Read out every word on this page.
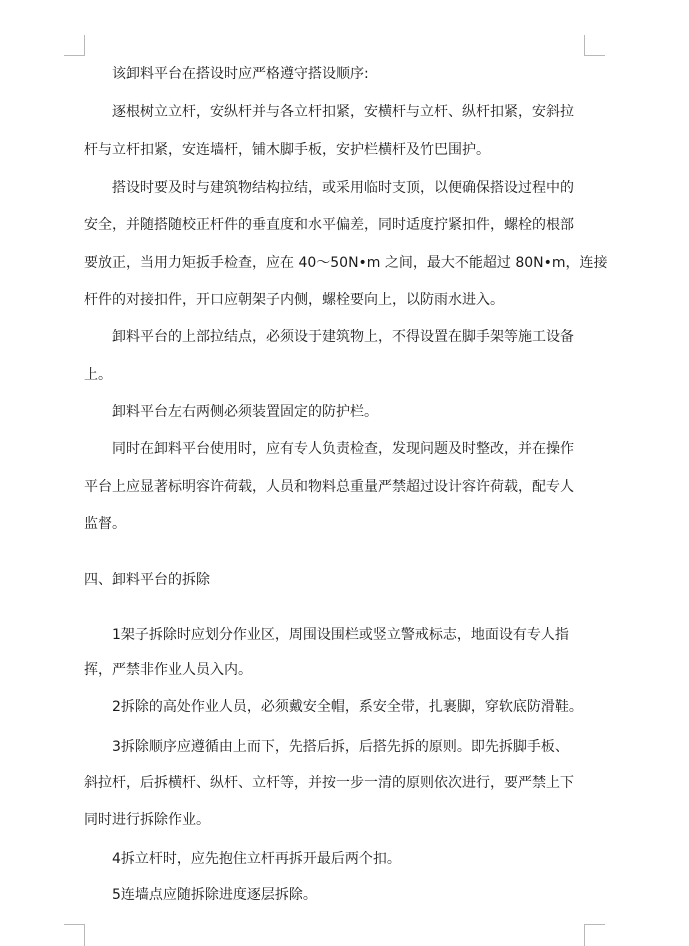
该卸料平台在搭设时应严格遵守搭设顺序:
逐根树立立杆，安纵杆并与各立杆扣紧，安横杆与立杆、纵杆扣紧，安斜拉
杆与立杆扣紧，安连墙杆，铺木脚手板，安护栏横杆及竹巴围护。
搭设时要及时与建筑物结构拉结，或采用临时支顶，以便确保搭设过程中的
安全，并随搭随校正杆件的垂直度和水平偏差，同时适度拧紧扣件，螺栓的根部
要放正，当用力矩扳手检查，应在 40～50N•m 之间，最大不能超过 80N•m，连接
杆件的对接扣件，开口应朝架子内侧，螺栓要向上，以防雨水进入。
卸料平台的上部拉结点，必须设于建筑物上，不得设置在脚手架等施工设备
上。
卸料平台左右两侧必须装置固定的防护栏。
同时在卸料平台使用时，应有专人负责检查，发现问题及时整改，并在操作
平台上应显著标明容许荷载，人员和物料总重量严禁超过设计容许荷载，配专人
监督。
四、卸料平台的拆除
1架子拆除时应划分作业区，周围设围栏或竖立警戒标志，地面设有专人指
挥，严禁非作业人员入内。
2拆除的高处作业人员，必须戴安全帽，系安全带，扎裹脚，穿软底防滑鞋。
3拆除顺序应遵循由上而下，先搭后拆，后搭先拆的原则。即先拆脚手板、
斜拉杆，后拆横杆、纵杆、立杆等，并按一步一清的原则依次进行，要严禁上下
同时进行拆除作业。
4拆立杆时，应先抱住立杆再拆开最后两个扣。
5连墙点应随拆除进度逐层拆除。
